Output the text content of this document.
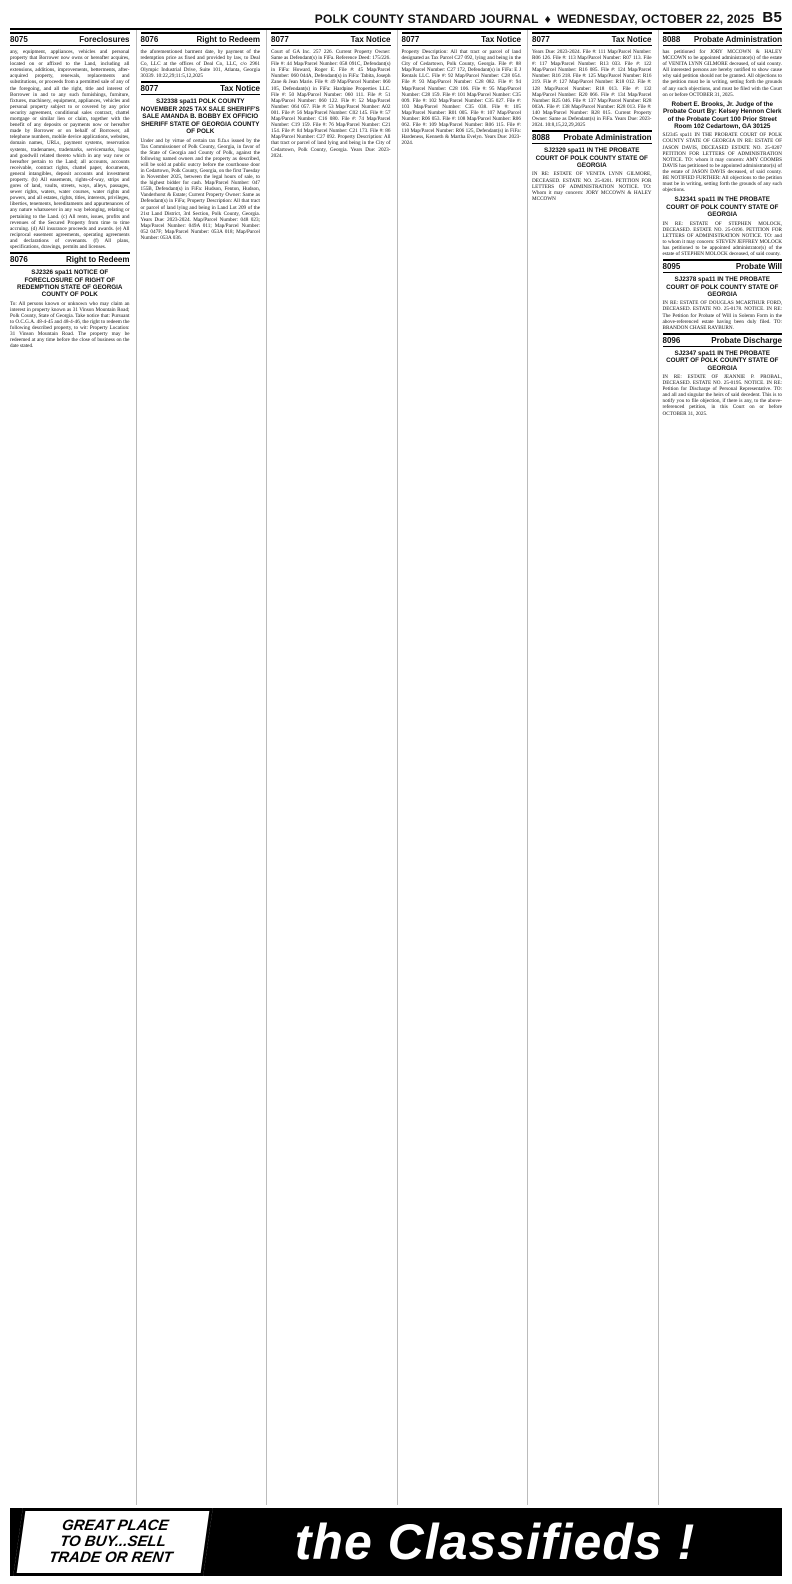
POLK COUNTY STANDARD JOURNAL ♦ WEDNESDAY, OCTOBER 22, 2025 B5
8075	Foreclosures

any, equipment, appliances, vehicles and personal property that Borrower now owns or hereafter acquires, located on or affixed to the Land, including all extensions, additions, improvements, betterments, after-acquired property, renewals, replacements and substitutions, or proceeds from a permitted sale of any of the foregoing, and all the right, title and interest of Borrower in and to any such furnishings, furniture, fixtures, machinery, equipment, appliances, vehicles and personal property subject to or covered by any prior security agreement, conditional sales contract, chattel mortgage or similar lien or claim, together with the benefit of any deposits or payments now or hereafter made by Borrower or on behalf of Borrower, all telephone numbers, mobile device applications, websites, domain names, URLs, payment systems, reservation systems, tradenames, trademarks, servicemarks, logos and goodwill related thereto which in any way now or hereafter pertain to the Land; all accounts, accounts receivable, contract rights, chattel paper, documents, general intangibles, deposit accounts and investment property. (b) All easements, rights-of-way, strips and gores of land, vaults, streets, ways, alleys, passages, sewer rights, waters, water courses, water rights and powers, and all estates, rights, titles, interests, privileges, liberties, tenements, hereditaments and appurtenances of any nature whatsoever in any way belonging, relating or pertaining to the Land. (c) All rents, issues, profits and revenues of the Secured Property from time to time accruing. (d) All insurance proceeds and awards. (e) All reciprocal easement agreements, operating agreements and declarations of covenants. (f) All plans, specifications, drawings, permits and licenses.

8076	Right to Redeem
SJ2326 spa11 NOTICE OF FORECLOSURE OF RIGHT OF REDEMPTION STATE OF GEORGIA COUNTY OF POLK

To: All persons known or unknown who may claim an interest in property known as 31 Vinson Mountain Road; Polk County, State of Georgia. Take notice that: Pursuant to O.C.G.A. 48-4-45 and 48-4-46, the right to redeem the following described property, to wit: Property Location: 31 Vinson Mountain Road. The property may be redeemed at any time before the close of business on the date stated.

8076	Right to Redeem

the aforementioned barment date, by payment of the redemption price as fixed and provided by law, to Deal Co, LLC at the offices of Deal Co, LLC, c/o 2961 Olympic Industrial Drive, Suite 101, Atlanta, Georgia 30339. 10:22,29;11:5,12,2025

8077	Tax Notice
SJ2338 spa11 POLK COUNTY NOVEMBER 2025 TAX SALE SHERIFF'S SALE AMANDA B. BOBBY EX OFFICIO SHERIFF STATE OF GEORGIA COUNTY OF POLK

Under and by virtue of certain tax fi.fa.s issued by the Tax Commissioner of Polk County, Georgia, in favor of the State of Georgia and County of Polk, against the following named owners and the property as described, will be sold at public outcry before the courthouse door in Cedartown, Polk County, Georgia, on the first Tuesday in November 2025, between the legal hours of sale, to the highest bidder for cash. Map/Parcel Number: 047 155B, Defendant(s) in FiFa: Hudson, Fenton, Hudson, Vanderhorst & Estate; Current Property Owner: Same as Defendant(s) in FiFa; Property Description: All that tract or parcel of land lying and being in Land Lot 209 of the 21st Land District, 3rd Section, Polk County, Georgia. Years Due: 2023-2024. Map/Parcel Number: 048 023; Map/Parcel Number: 049A 011; Map/Parcel Number: 052 047F; Map/Parcel Number: 053A 018; Map/Parcel Number: 053A 036.

8077	Tax Notice

Court of GA Inc. 257 226. Current Property Owner: Same as Defendant(s) in FiFa. Reference Deed: 175/226. File #: 44 Map/Parcel Number: 058 091C, Defendant(s) in FiFa: Howard, Roger E. File #: 45 Map/Parcel Number: 060 044A, Defendant(s) in FiFa: Tabita, Joseph Zane & Jean Marie. File #: 49 Map/Parcel Number: 060 105, Defendant(s) in FiFa: Hardpine Properties LLC. File #: 50 Map/Parcel Number: 060 111. File #: 51 Map/Parcel Number: 060 122. File #: 52 Map/Parcel Number: 064 057. File #: 53 Map/Parcel Number: A02 001. File #: 56 Map/Parcel Number: C02 145. File #: 57 Map/Parcel Number: C16 080. File #: 74 Map/Parcel Number: C19 159. File #: 76 Map/Parcel Number: C21 154. File #: 84 Map/Parcel Number: C21 173. File #: 86 Map/Parcel Number: C27 092. Property Description: All that tract or parcel of land lying and being in the City of Cedartown, Polk County, Georgia. Years Due: 2023-2024.

8077	Tax Notice

Property Description: All that tract or parcel of land designated as Tax Parcel C27 092, lying and being in the City of Cedartown, Polk County, Georgia. File #: 88 Map/Parcel Number: C27 172, Defendant(s) in FiFa: E J Rentals LLC. File #: 92 Map/Parcel Number: C28 054. File #: 93 Map/Parcel Number: C28 082. File #: 94 Map/Parcel Number: C28 106. File #: 95 Map/Parcel Number: C28 159. File #: 101 Map/Parcel Number: C35 009. File #: 102 Map/Parcel Number: C35 027. File #: 103 Map/Parcel Number: C35 038. File #: 105 Map/Parcel Number: R01 005. File #: 107 Map/Parcel Number: R06 053. File #: 108 Map/Parcel Number: R06 062. File #: 109 Map/Parcel Number: R06 115. File #: 110 Map/Parcel Number: R06 125, Defendant(s) in FiFa: Hardeness, Kenneth & Martha Evelyn. Years Due: 2023-2024.

8077	Tax Notice

Years Due: 2023-2024. File #: 111 Map/Parcel Number: R06 126. File #: 113 Map/Parcel Number: R07 113. File #: 117 Map/Parcel Number: R13 033. File #: 122 Map/Parcel Number: R16 085. File #: 124 Map/Parcel Number: R16 218. File #: 125 Map/Parcel Number: R16 219. File #: 127 Map/Parcel Number: R18 012. File #: 128 Map/Parcel Number: R18 013. File #: 132 Map/Parcel Number: R20 066. File #: 134 Map/Parcel Number: R25 046. File #: 137 Map/Parcel Number: R28 003A. File #: 138 Map/Parcel Number: R28 013. File #: 140 Map/Parcel Number: R28 015. Current Property Owner: Same as Defendant(s) in FiFa. Years Due: 2023-2024. 10:8,15,22,29,2025

8088 Probate Administration
SJ2329 spa11 IN THE PROBATE COURT OF POLK COUNTY STATE OF GEORGIA

IN RE: ESTATE OF VENITA LYNN GILMORE, DECEASED. ESTATE NO. 25-0201. PETITION FOR LETTERS OF ADMINISTRATION NOTICE. TO: Whom it may concern: JORY MCCOWN & HALEY MCCOWN

8088 Probate Administration

has petitioned for JORY MCCOWN & HALEY MCCOWN to be appointed administrator(s) of the estate of VENITA LYNN GILMORE deceased, of said county. All interested persons are hereby notified to show cause why said petition should not be granted. All objections to the petition must be in writing, setting forth the grounds of any such objections, and must be filed with the Court on or before OCTOBER 31, 2025.

Robert E. Brooks, Jr. Judge of the Probate Court By: Kelsey Hennon Clerk of the Probate Court 100 Prior Street Room 102 Cedartown, GA 30125

SJ2345 spa11 IN THE PROBATE COURT OF POLK COUNTY STATE OF GEORGIA IN RE: ESTATE OF JASON DAVIS, DECEASED ESTATE NO. 25-0207 PETITION FOR LETTERS OF ADMINISTRATION NOTICE. TO: whom it may concern: AMY COOMBS DAVIS has petitioned to be appointed administrator(s) of the estate of JASON DAVIS deceased, of said county. BE NOTIFIED FURTHER: All objections to the petition must be in writing, setting forth the grounds of any such objections.

SJ2341 spa11 IN THE PROBATE COURT OF POLK COUNTY STATE OF GEORGIA

IN RE: ESTATE OF STEPHEN MOLOCK, DECEASED. ESTATE NO. 25-0196. PETITION FOR LETTERS OF ADMINISTRATION NOTICE. TO: and to whom it may concern: STEVEN JEFFREY MOLOCK has petitioned to be appointed administrator(s) of the estate of STEPHEN MOLOCK deceased, of said county.

8095	Probate Will
SJ2378 spa11 IN THE PROBATE COURT OF POLK COUNTY STATE OF GEORGIA

IN RE: ESTATE OF DOUGLAS MCARTHUR FORD, DECEASED. ESTATE NO. 25-0178. NOTICE. IN RE: The Petition for Probate of Will in Solemn Form in the above-referenced estate having been duly filed. TO: BRANDON CHASE RAYBURN.

8096	Probate Discharge
SJ2347 spa11 IN THE PROBATE COURT OF POLK COUNTY STATE OF GEORGIA

IN RE: ESTATE OF JEANNIE P. PROBAL, DECEASED. ESTATE NO. 25-0195. NOTICE. IN RE: Petition for Discharge of Personal Representative. TO: and all and singular the heirs of said decedent. This is to notify you to file objection, if there is any, to the above-referenced petition, in this Court on or before OCTOBER 31, 2025.

GREAT PLACE
TO BUY...SELL
TRADE OR RENT	the Classifieds !
